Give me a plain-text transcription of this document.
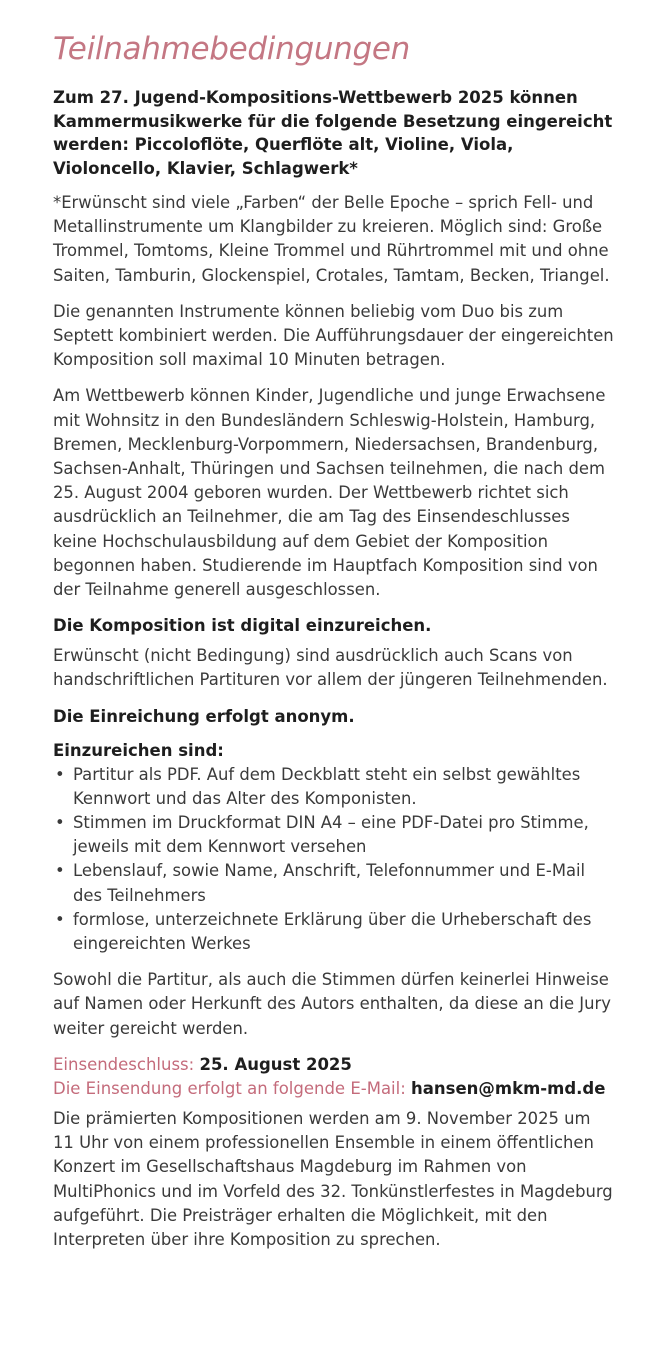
Teilnahmebedingungen
Zum 27. Jugend-Kompositions-Wettbewerb 2025 können Kammermusikwerke für die folgende Besetzung eingereicht werden: Piccoloflöte, Querflöte alt, Violine, Viola, Violoncello, Klavier, Schlagwerk*

*Erwünscht sind viele „Farben“ der Belle Epoche – sprich Fell- und Metallinstrumente um Klangbilder zu kreieren. Möglich sind: Große Trommel, Tomtoms, Kleine Trommel und Rührtrommel mit und ohne Saiten, Tamburin, Glockenspiel, Crotales, Tamtam, Becken, Triangel.

Die genannten Instrumente können beliebig vom Duo bis zum Septett kombiniert werden. Die Aufführungsdauer der eingereichten Komposition soll maximal 10 Minuten betragen.

Am Wettbewerb können Kinder, Jugendliche und junge Erwachsene mit Wohnsitz in den Bundesländern Schleswig-Holstein, Hamburg, Bremen, Mecklenburg-Vorpommern, Niedersachsen, Brandenburg, Sachsen-Anhalt, Thüringen und Sachsen teilnehmen, die nach dem 25. August 2004 geboren wurden. Der Wettbewerb richtet sich ausdrücklich an Teilnehmer, die am Tag des Einsendeschlusses keine Hochschulausbildung auf dem Gebiet der Komposition begonnen haben. Studierende im Hauptfach Komposition sind von der Teilnahme generell ausgeschlossen.

Die Komposition ist digital einzureichen.

Erwünscht (nicht Bedingung) sind ausdrücklich auch Scans von handschriftlichen Partituren vor allem der jüngeren Teilnehmenden.

Die Einreichung erfolgt anonym.
Einzureichen sind:
• Partitur als PDF. Auf dem Deckblatt steht ein selbst gewähltes Kennwort und das Alter des Komponisten.
• Stimmen im Druckformat DIN A4 – eine PDF-Datei pro Stimme, jeweils mit dem Kennwort versehen
• Lebenslauf, sowie Name, Anschrift, Telefonnummer und E-Mail des Teilnehmers
• formlose, unterzeichnete Erklärung über die Urheberschaft des eingereichten Werkes

Sowohl die Partitur, als auch die Stimmen dürfen keinerlei Hinweise auf Namen oder Herkunft des Autors enthalten, da diese an die Jury weiter gereicht werden.

Einsendeschluss: 25. August 2025
Die Einsendung erfolgt an folgende E-Mail: hansen@mkm-md.de

Die prämierten Kompositionen werden am 9. November 2025 um 11 Uhr von einem professionellen Ensemble in einem öffentlichen Konzert im Gesellschaftshaus Magdeburg im Rahmen von MultiPhonics und im Vorfeld des 32. Tonkünstlerfestes in Magdeburg aufgeführt. Die Preisträger erhalten die Möglichkeit, mit den Interpreten über ihre Komposition zu sprechen.
